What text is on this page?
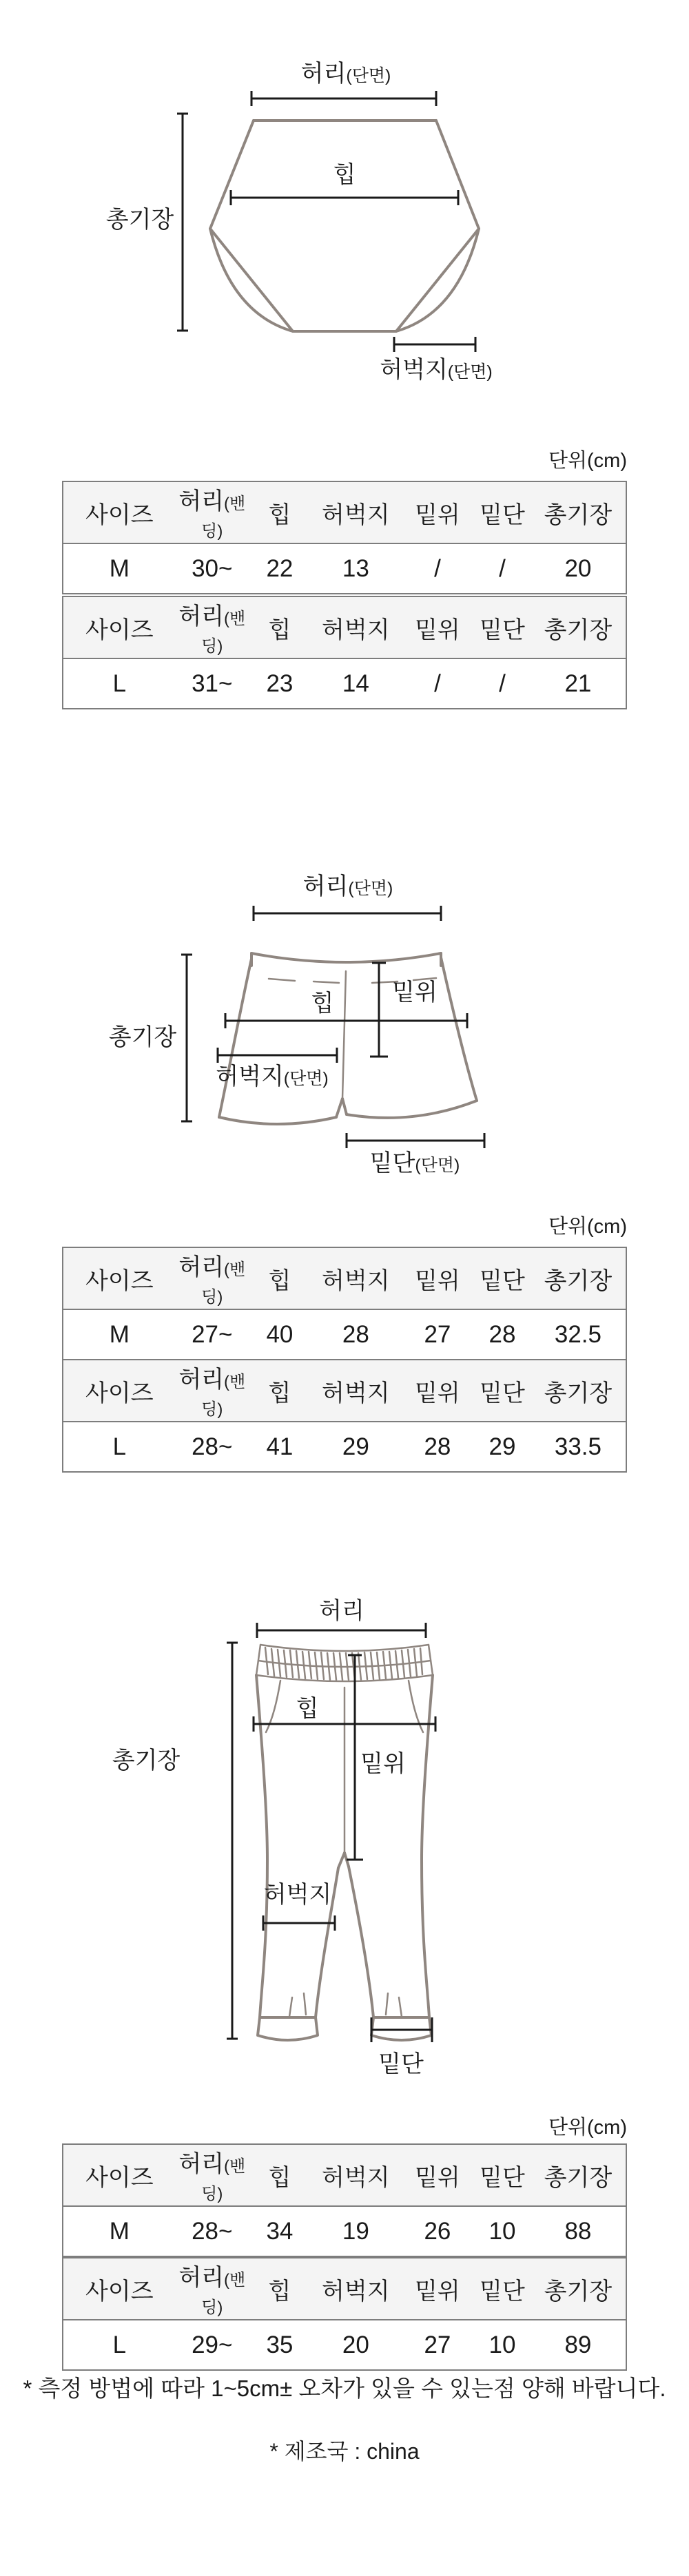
허리(단면)
힙
총기장
허벅지(단면)
단위(cm)
사이즈	허리(밴딩)	힙	허벅지	밑위	밑단	총기장
M	30~	22	13	/	/	20
사이즈	허리(밴딩)	힙	허벅지	밑위	밑단	총기장
L	31~	23	14	/	/	21
허리(단면)
총기장
밑위
힙
허벅지(단면)
밑단(단면)
단위(cm)
사이즈	허리(밴딩)	힙	허벅지	밑위	밑단	총기장
M	27~	40	28	27	28	32.5
사이즈	허리(밴딩)	힙	허벅지	밑위	밑단	총기장
L	28~	41	29	28	29	33.5
허리
총기장	밑위
힙
허벅지
밑단
단위(cm)
사이즈	허리(밴딩)	힙	허벅지	밑위	밑단	총기장
M	28~	34	19	26	10	88
사이즈	허리(밴딩)	힙	허벅지	밑위	밑단	총기장
L	29~	35	20	27	10	89
* 측정 방법에 따라 1~5cm± 오차가 있을 수 있는점 양해 바랍니다.
* 제조국 : china
